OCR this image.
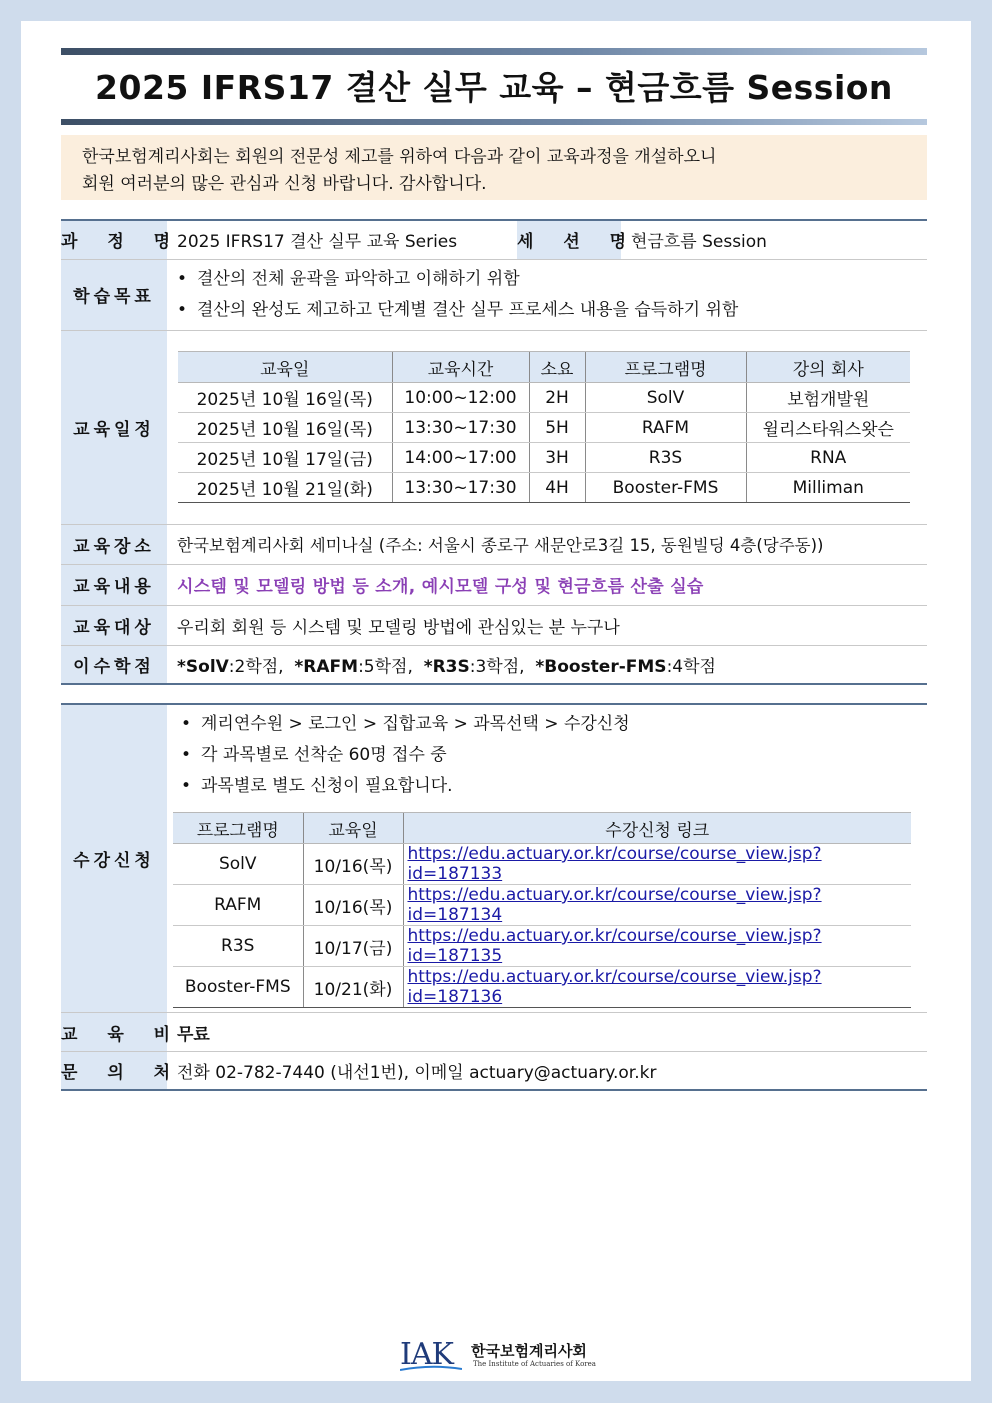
2025 IFRS17 결산 실무 교육 – 현금흐름 Session
한국보험계리사회는 회원의 전문성 제고를 위하여 다음과 같이 교육과정을 개설하오니
회원 여러분의 많은 관심과 신청 바랍니다. 감사합니다.
과 정 명	2025 IFRS17 결산 실무 교육 Series	세 션 명	현금흐름 Session
학습목표	
• 결산의 전체 윤곽을 파악하고 이해하기 위함
• 결산의 완성도 제고하고 단계별 결산 실무 프로세스 내용을 습득하기 위함

교육일정	
교육일	교육시간	소요	프로그램명	강의 회사
2025년 10월 16일(목)	10:00~12:00	2H	SolV	보험개발원
2025년 10월 16일(목)	13:30~17:30	5H	RAFM	윌리스타워스왓슨
2025년 10월 17일(금)	14:00~17:00	3H	R3S	RNA
2025년 10월 21일(화)	13:30~17:30	4H	Booster-FMS	Milliman

교육장소	한국보험계리사회 세미나실 (주소: 서울시 종로구 새문안로3길 15, 동원빌딩 4층(당주동))
교육내용	시스템 및 모델링 방법 등 소개, 예시모델 구성 및 현금흐름 산출 실습
교육대상	우리회 회원 등 시스템 및 모델링 방법에 관심있는 분 누구나
이수학점	*SolV:2학점, *RAFM:5학점, *R3S:3학점, *Booster-FMS:4학점
수강신청	
• 계리연수원 > 로그인 > 집합교육 > 과목선택 > 수강신청
• 각 과목별로 선착순 60명 접수 중
• 과목별로 별도 신청이 필요합니다.
프로그램명	교육일	수강신청 링크
SolV	10/16(목)	https://edu.actuary.or.kr/course/course_view.jsp?id=187133
RAFM	10/16(목)	https://edu.actuary.or.kr/course/course_view.jsp?id=187134
R3S	10/17(금)	https://edu.actuary.or.kr/course/course_view.jsp?id=187135
Booster-FMS	10/21(화)	https://edu.actuary.or.kr/course/course_view.jsp?id=187136

교 육 비	무료
문 의 처	전화 02-782-7440 (내선1번), 이메일 actuary@actuary.or.kr
IAK 한국보험계리사회
The Institute of Actuaries of Korea
